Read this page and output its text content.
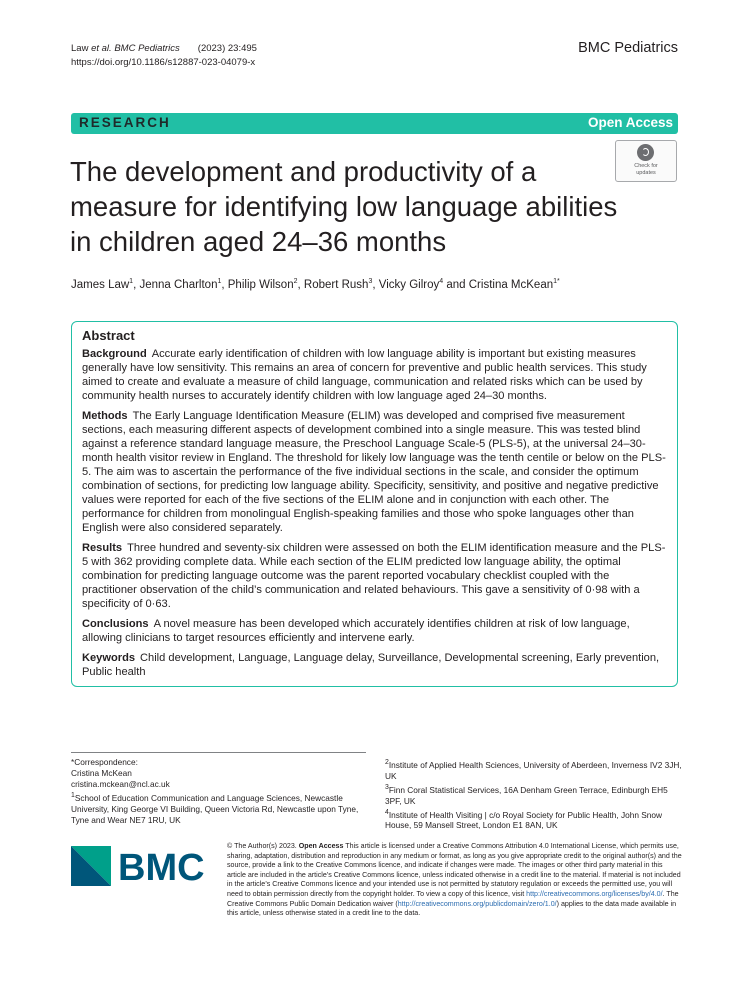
Law et al. BMC Pediatrics (2023) 23:495
https://doi.org/10.1186/s12887-023-04079-x
BMC Pediatrics
RESEARCH	Open Access
Check for
updates
The development and productivity of a measure for identifying low language abilities in children aged 24–36 months
James Law$^1$, Jenna Charlton$^1$, Philip Wilson$^2$, Robert Rush$^3$, Vicky Gilroy$^4$ and Cristina McKean$^{1*}$
Abstract

Background Accurate early identification of children with low language ability is important but existing measures generally have low sensitivity. This remains an area of concern for preventive and public health services. This study aimed to create and evaluate a measure of child language, communication and related risks which can be used by community health nurses to accurately identify children with low language aged 24–30 months.

Methods The Early Language Identification Measure (ELIM) was developed and comprised five measurement sections, each measuring different aspects of development combined into a single measure. This was tested blind against a reference standard language measure, the Preschool Language Scale-5 (PLS-5), at the universal 24–30-month health visitor review in England. The threshold for likely low language was the tenth centile or below on the PLS-5. The aim was to ascertain the performance of the five individual sections in the scale, and consider the optimum combination of sections, for predicting low language ability. Specificity, sensitivity, and positive and negative predictive values were reported for each of the five sections of the ELIM alone and in conjunction with each other. The performance for children from monolingual English-speaking families and those who spoke languages other than English were also considered separately.

Results Three hundred and seventy-six children were assessed on both the ELIM identification measure and the PLS-5 with 362 providing complete data. While each section of the ELIM predicted low language ability, the optimal combination for predicting language outcome was the parent reported vocabulary checklist coupled with the practitioner observation of the child’s communication and related behaviours. This gave a sensitivity of 0·98 with a specificity of 0·63.

Conclusions A novel measure has been developed which accurately identifies children at risk of low language, allowing clinicians to target resources efficiently and intervene early.

Keywords Child development, Language, Language delay, Surveillance, Developmental screening, Early prevention, Public health

*Correspondence:

Cristina McKean

cristina.mckean@ncl.ac.uk

$^1$School of Education Communication and Language Sciences, Newcastle University, King George VI Building, Queen Victoria Rd, Newcastle upon Tyne, Tyne and Wear NE7 1RU, UK

$^2$Institute of Applied Health Sciences, University of Aberdeen, Inverness IV2 3JH, UK

$^3$Finn Coral Statistical Services, 16A Denham Green Terrace, Edinburgh EH5 3PF, UK

$^4$Institute of Health Visiting | c/o Royal Society for Public Health, John Snow House, 59 Mansell Street, London E1 8AN, UK

BMC
© The Author(s) 2023. Open Access This article is licensed under a Creative Commons Attribution 4.0 International License, which permits use, sharing, adaptation, distribution and reproduction in any medium or format, as long as you give appropriate credit to the original author(s) and the source, provide a link to the Creative Commons licence, and indicate if changes were made. The images or other third party material in this article are included in the article’s Creative Commons licence, unless indicated otherwise in a credit line to the material. If material is not included in the article’s Creative Commons licence and your intended use is not permitted by statutory regulation or exceeds the permitted use, you will need to obtain permission directly from the copyright holder. To view a copy of this licence, visit http://creativecommons.org/licenses/by/4.0/. The Creative Commons Public Domain Dedication waiver (http://creativecommons.org/publicdomain/zero/1.0/) applies to the data made available in this article, unless otherwise stated in a credit line to the data.
